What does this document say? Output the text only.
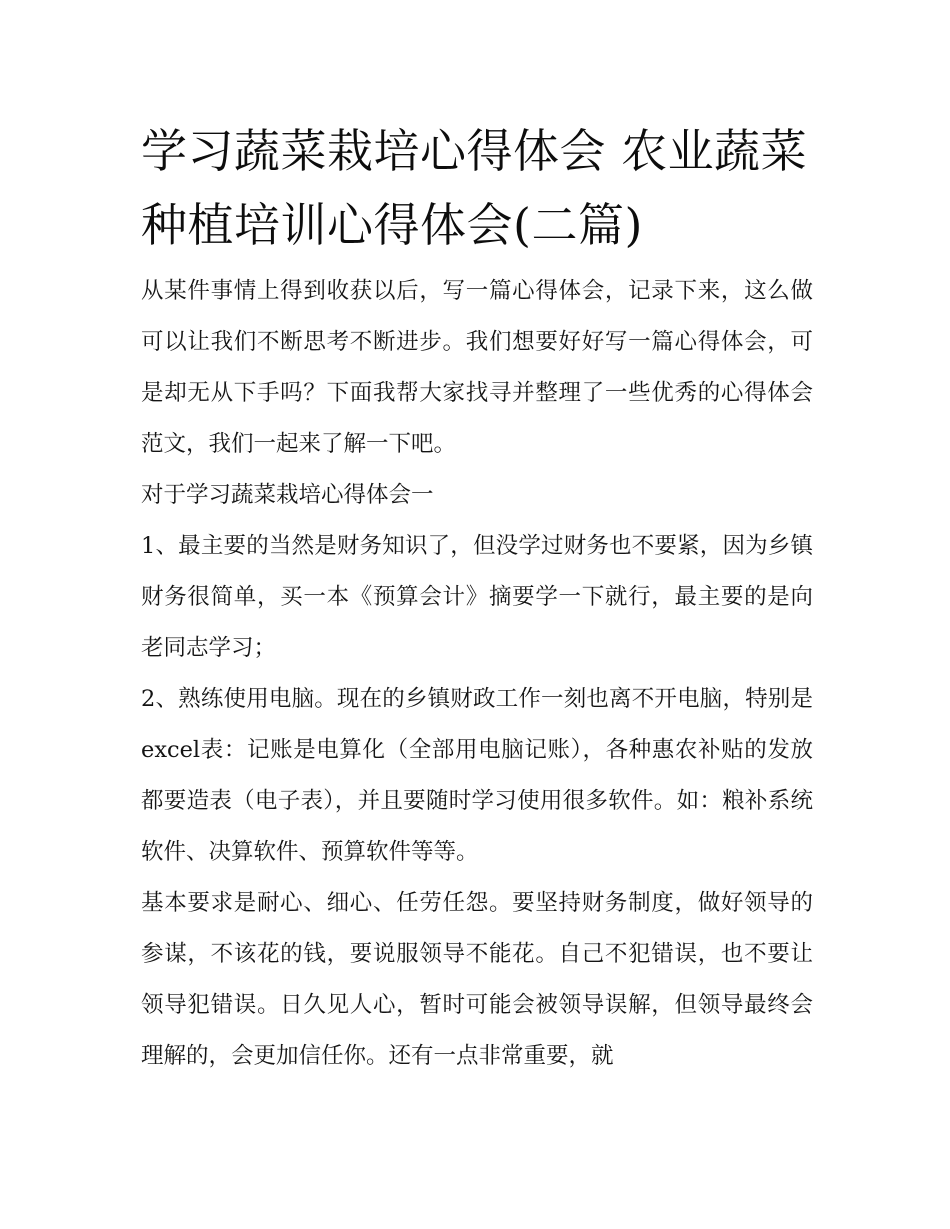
学习蔬菜栽培心得体会 农业蔬菜种植培训心得体会(二篇)

从某件事情上得到收获以后，写一篇心得体会，记录下来，这么做可以让我们不断思考不断进步。我们想要好好写一篇心得体会，可是却无从下手吗？下面我帮大家找寻并整理了一些优秀的心得体会范文，我们一起来了解一下吧。

对于学习蔬菜栽培心得体会一

1、最主要的当然是财务知识了，但没学过财务也不要紧，因为乡镇财务很简单，买一本《预算会计》摘要学一下就行，最主要的是向老同志学习；

2、熟练使用电脑。现在的乡镇财政工作一刻也离不开电脑，特别是excel表：记账是电算化（全部用电脑记账），各种惠农补贴的发放都要造表（电子表），并且要随时学习使用很多软件。如：粮补系统软件、决算软件、预算软件等等。

基本要求是耐心、细心、任劳任怨。要坚持财务制度，做好领导的参谋，不该花的钱，要说服领导不能花。自己不犯错误，也不要让领导犯错误。日久见人心，暂时可能会被领导误解，但领导最终会理解的，会更加信任你。还有一点非常重要，就
